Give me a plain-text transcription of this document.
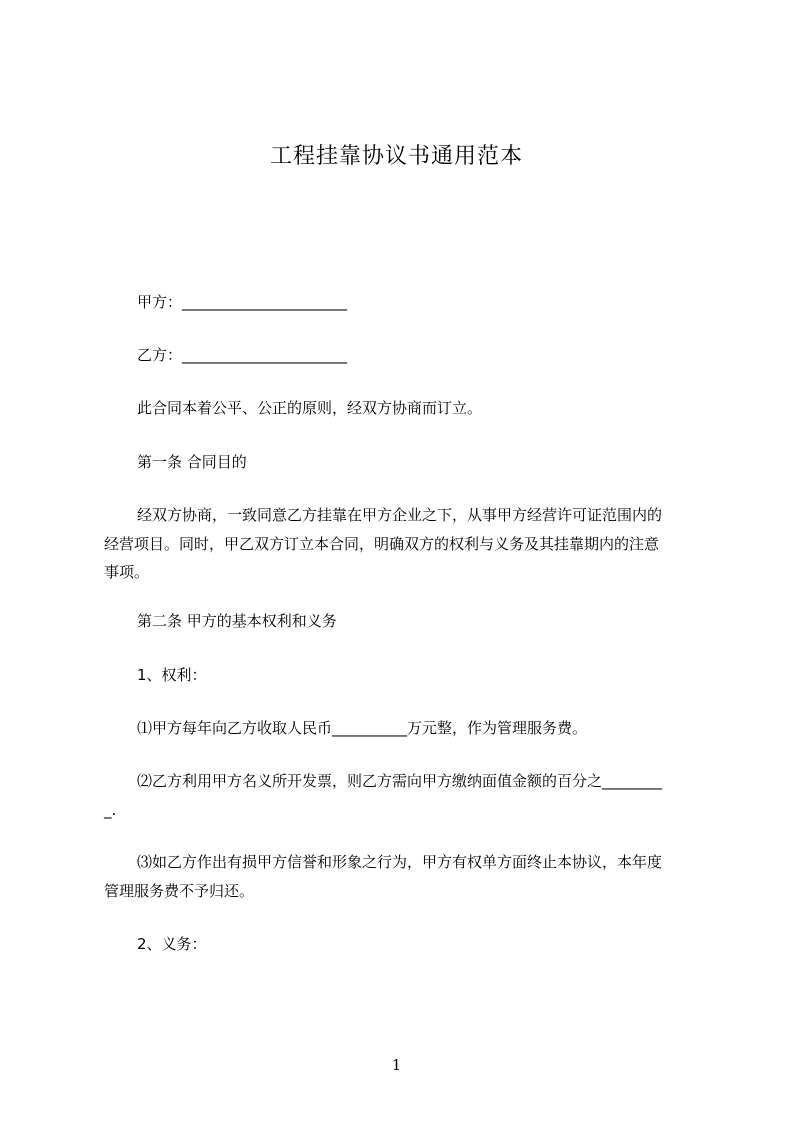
工程挂靠协议书通用范本
甲方：______________________
乙方：______________________
此合同本着公平、公正的原则，经双方协商而订立。
第一条 合同目的
经双方协商，一致同意乙方挂靠在甲方企业之下，从事甲方经营许可证范围内的
经营项目。同时，甲乙双方订立本合同，明确双方的权利与义务及其挂靠期内的注意
事项。
第二条 甲方的基本权利和义务
1、权利：
⑴甲方每年向乙方收取人民币__________万元整，作为管理服务费。
⑵乙方利用甲方名义所开发票，则乙方需向甲方缴纳面值金额的百分之________
_.
⑶如乙方作出有损甲方信誉和形象之行为，甲方有权单方面终止本协议，本年度
管理服务费不予归还。
2、义务：
1
